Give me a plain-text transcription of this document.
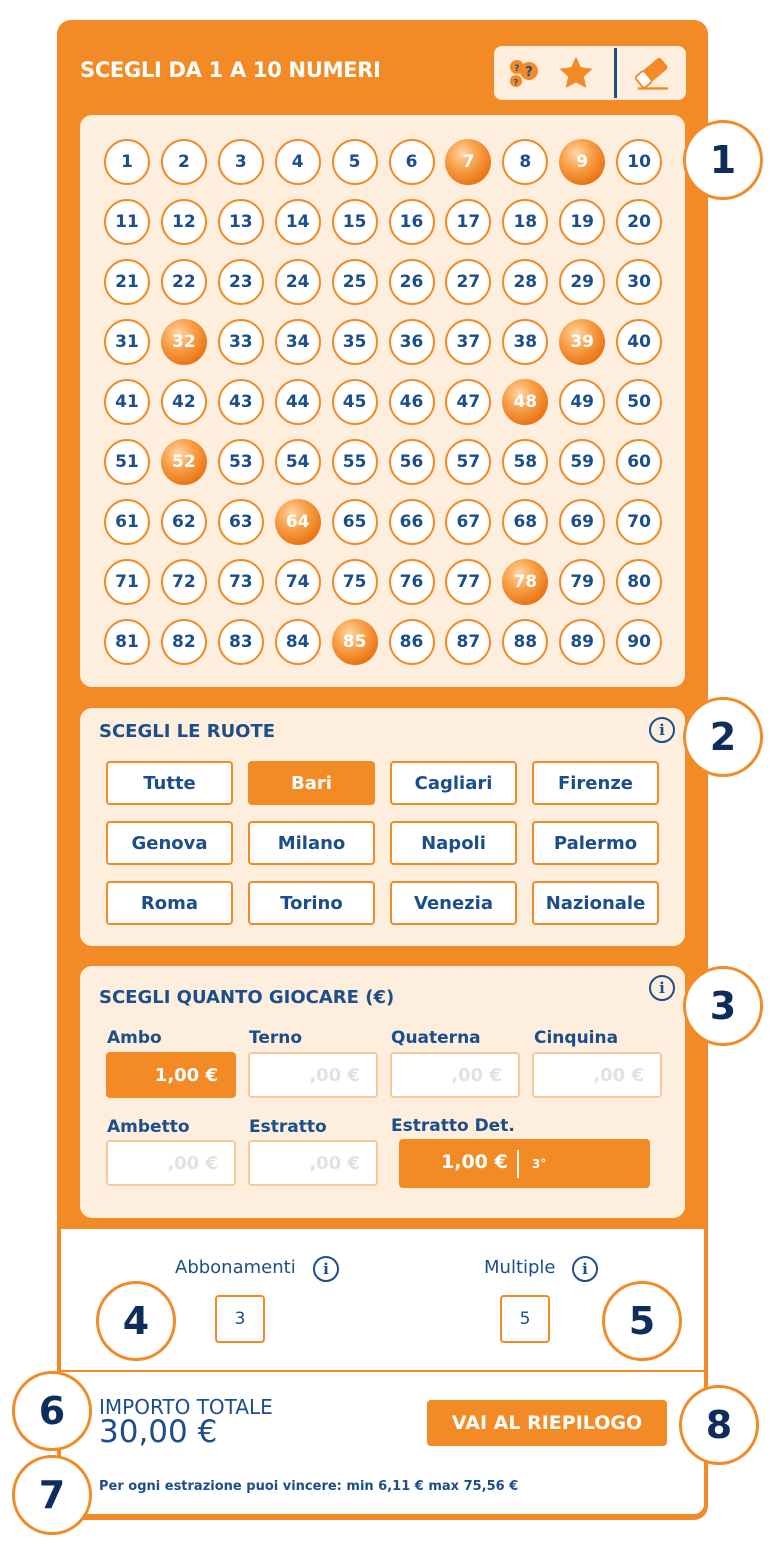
SCEGLI DA 1 A 10 NUMERI	? ?
?
1	2	3	4	5	6	7	8	9	10
11	12	13	14	15	16	17	18	19	20
21	22	23	24	25	26	27	28	29	30
31	32	33	34	35	36	37	38	39	40
41	42	43	44	45	46	47	48	49	50
51	52	53	54	55	56	57	58	59	60
61	62	63	64	65	66	67	68	69	70
71	72	73	74	75	76	77	78	79	80
81	82	83	84	85	86	87	88	89	90
SCEGLI LE RUOTE	i
Tutte	Bari	Cagliari	Firenze
Genova	Milano	Napoli	Palermo
Roma	Torino	Venezia	Nazionale
SCEGLI QUANTO GIOCARE (€)	i
Ambo
1,00 €
Terno
,00 €
Quaterna
,00 €
Cinquina
,00 €
Ambetto
,00 €
Estratto
,00 €
Estratto Det.
1,00 € 3°
Abbonamenti	i
3
Multiple	i
5
IMPORTO TOTALE
30,00 €	VAI AL RIEPILOGO
Per ogni estrazione puoi vincere: min 6,11 € max 75,56 €
1
2
3
4	5
6
7
8
